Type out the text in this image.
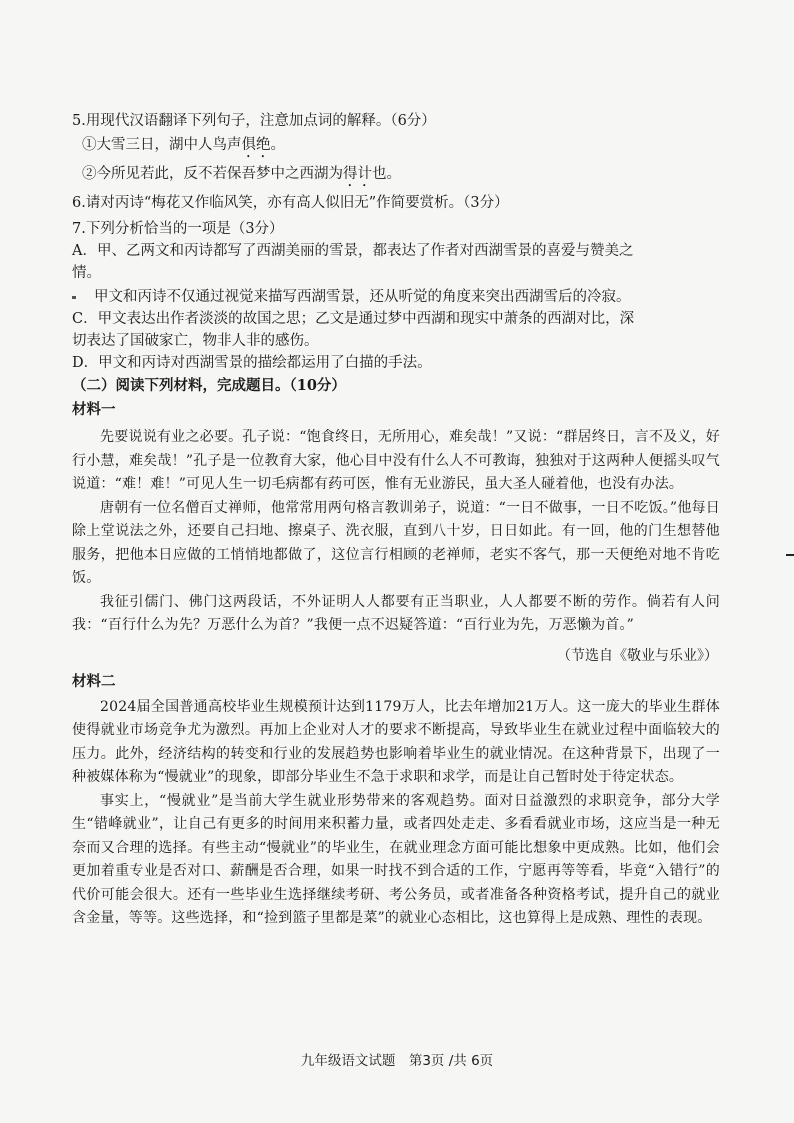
5.用现代汉语翻译下列句子，注意加点词的解释。（6分）
①大雪三日，湖中人鸟声俱绝。
②今所见若此，反不若保吾梦中之西湖为得计也。
6.请对丙诗“梅花又作临风笑，亦有高人似旧无”作简要赏析。（3分）
7.下列分析恰当的一项是（3分）
A．甲、乙两文和丙诗都写了西湖美丽的雪景，都表达了作者对西湖雪景的喜爱与赞美之
情。
甲文和丙诗不仅通过视觉来描写西湖雪景，还从听觉的角度来突出西湖雪后的冷寂。
C．甲文表达出作者淡淡的故国之思；乙文是通过梦中西湖和现实中萧条的西湖对比，深
切表达了国破家亡，物非人非的感伤。
D．甲文和丙诗对西湖雪景的描绘都运用了白描的手法。
（二）阅读下列材料，完成题目。（10分）
材料一
先要说说有业之必要。孔子说：“饱食终日，无所用心，难矣哉！”又说：“群居终日，言不及义，好行小慧，难矣哉！”孔子是一位教育大家，他心目中没有什么人不可教诲，独独对于这两种人便摇头叹气说道：“难！难！”可见人生一切毛病都有药可医，惟有无业游民，虽大圣人碰着他，也没有办法。
唐朝有一位名僧百丈禅师，他常常用两句格言教训弟子，说道：“一日不做事，一日不吃饭。”他每日除上堂说法之外，还要自己扫地、擦桌子、洗衣服，直到八十岁，日日如此。有一回，他的门生想替他服务，把他本日应做的工悄悄地都做了，这位言行相顾的老禅师，老实不客气，那一天便绝对地不肯吃饭。
我征引儒门、佛门这两段话，不外证明人人都要有正当职业，人人都要不断的劳作。倘若有人问我：“百行什么为先？万恶什么为首？”我便一点不迟疑答道：“百行业为先，万恶懒为首。”
（节选自《敬业与乐业》）
材料二
2024届全国普通高校毕业生规模预计达到1179万人，比去年增加21万人。这一庞大的毕业生群体使得就业市场竞争尤为激烈。再加上企业对人才的要求不断提高，导致毕业生在就业过程中面临较大的压力。此外，经济结构的转变和行业的发展趋势也影响着毕业生的就业情况。在这种背景下，出现了一种被媒体称为“慢就业”的现象，即部分毕业生不急于求职和求学，而是让自己暂时处于待定状态。
事实上，“慢就业”是当前大学生就业形势带来的客观趋势。面对日益激烈的求职竞争，部分大学生“错峰就业”，让自己有更多的时间用来积蓄力量，或者四处走走、多看看就业市场，这应当是一种无奈而又合理的选择。有些主动“慢就业”的毕业生，在就业理念方面可能比想象中更成熟。比如，他们会更加着重专业是否对口、薪酬是否合理，如果一时找不到合适的工作，宁愿再等等看，毕竟“入错行”的代价可能会很大。还有一些毕业生选择继续考研、考公务员，或者准备各种资格考试，提升自己的就业含金量，等等。这些选择，和“捡到篮子里都是菜”的就业心态相比，这也算得上是成熟、理性的表现。
九年级语文试题　第3页 /共 6页
